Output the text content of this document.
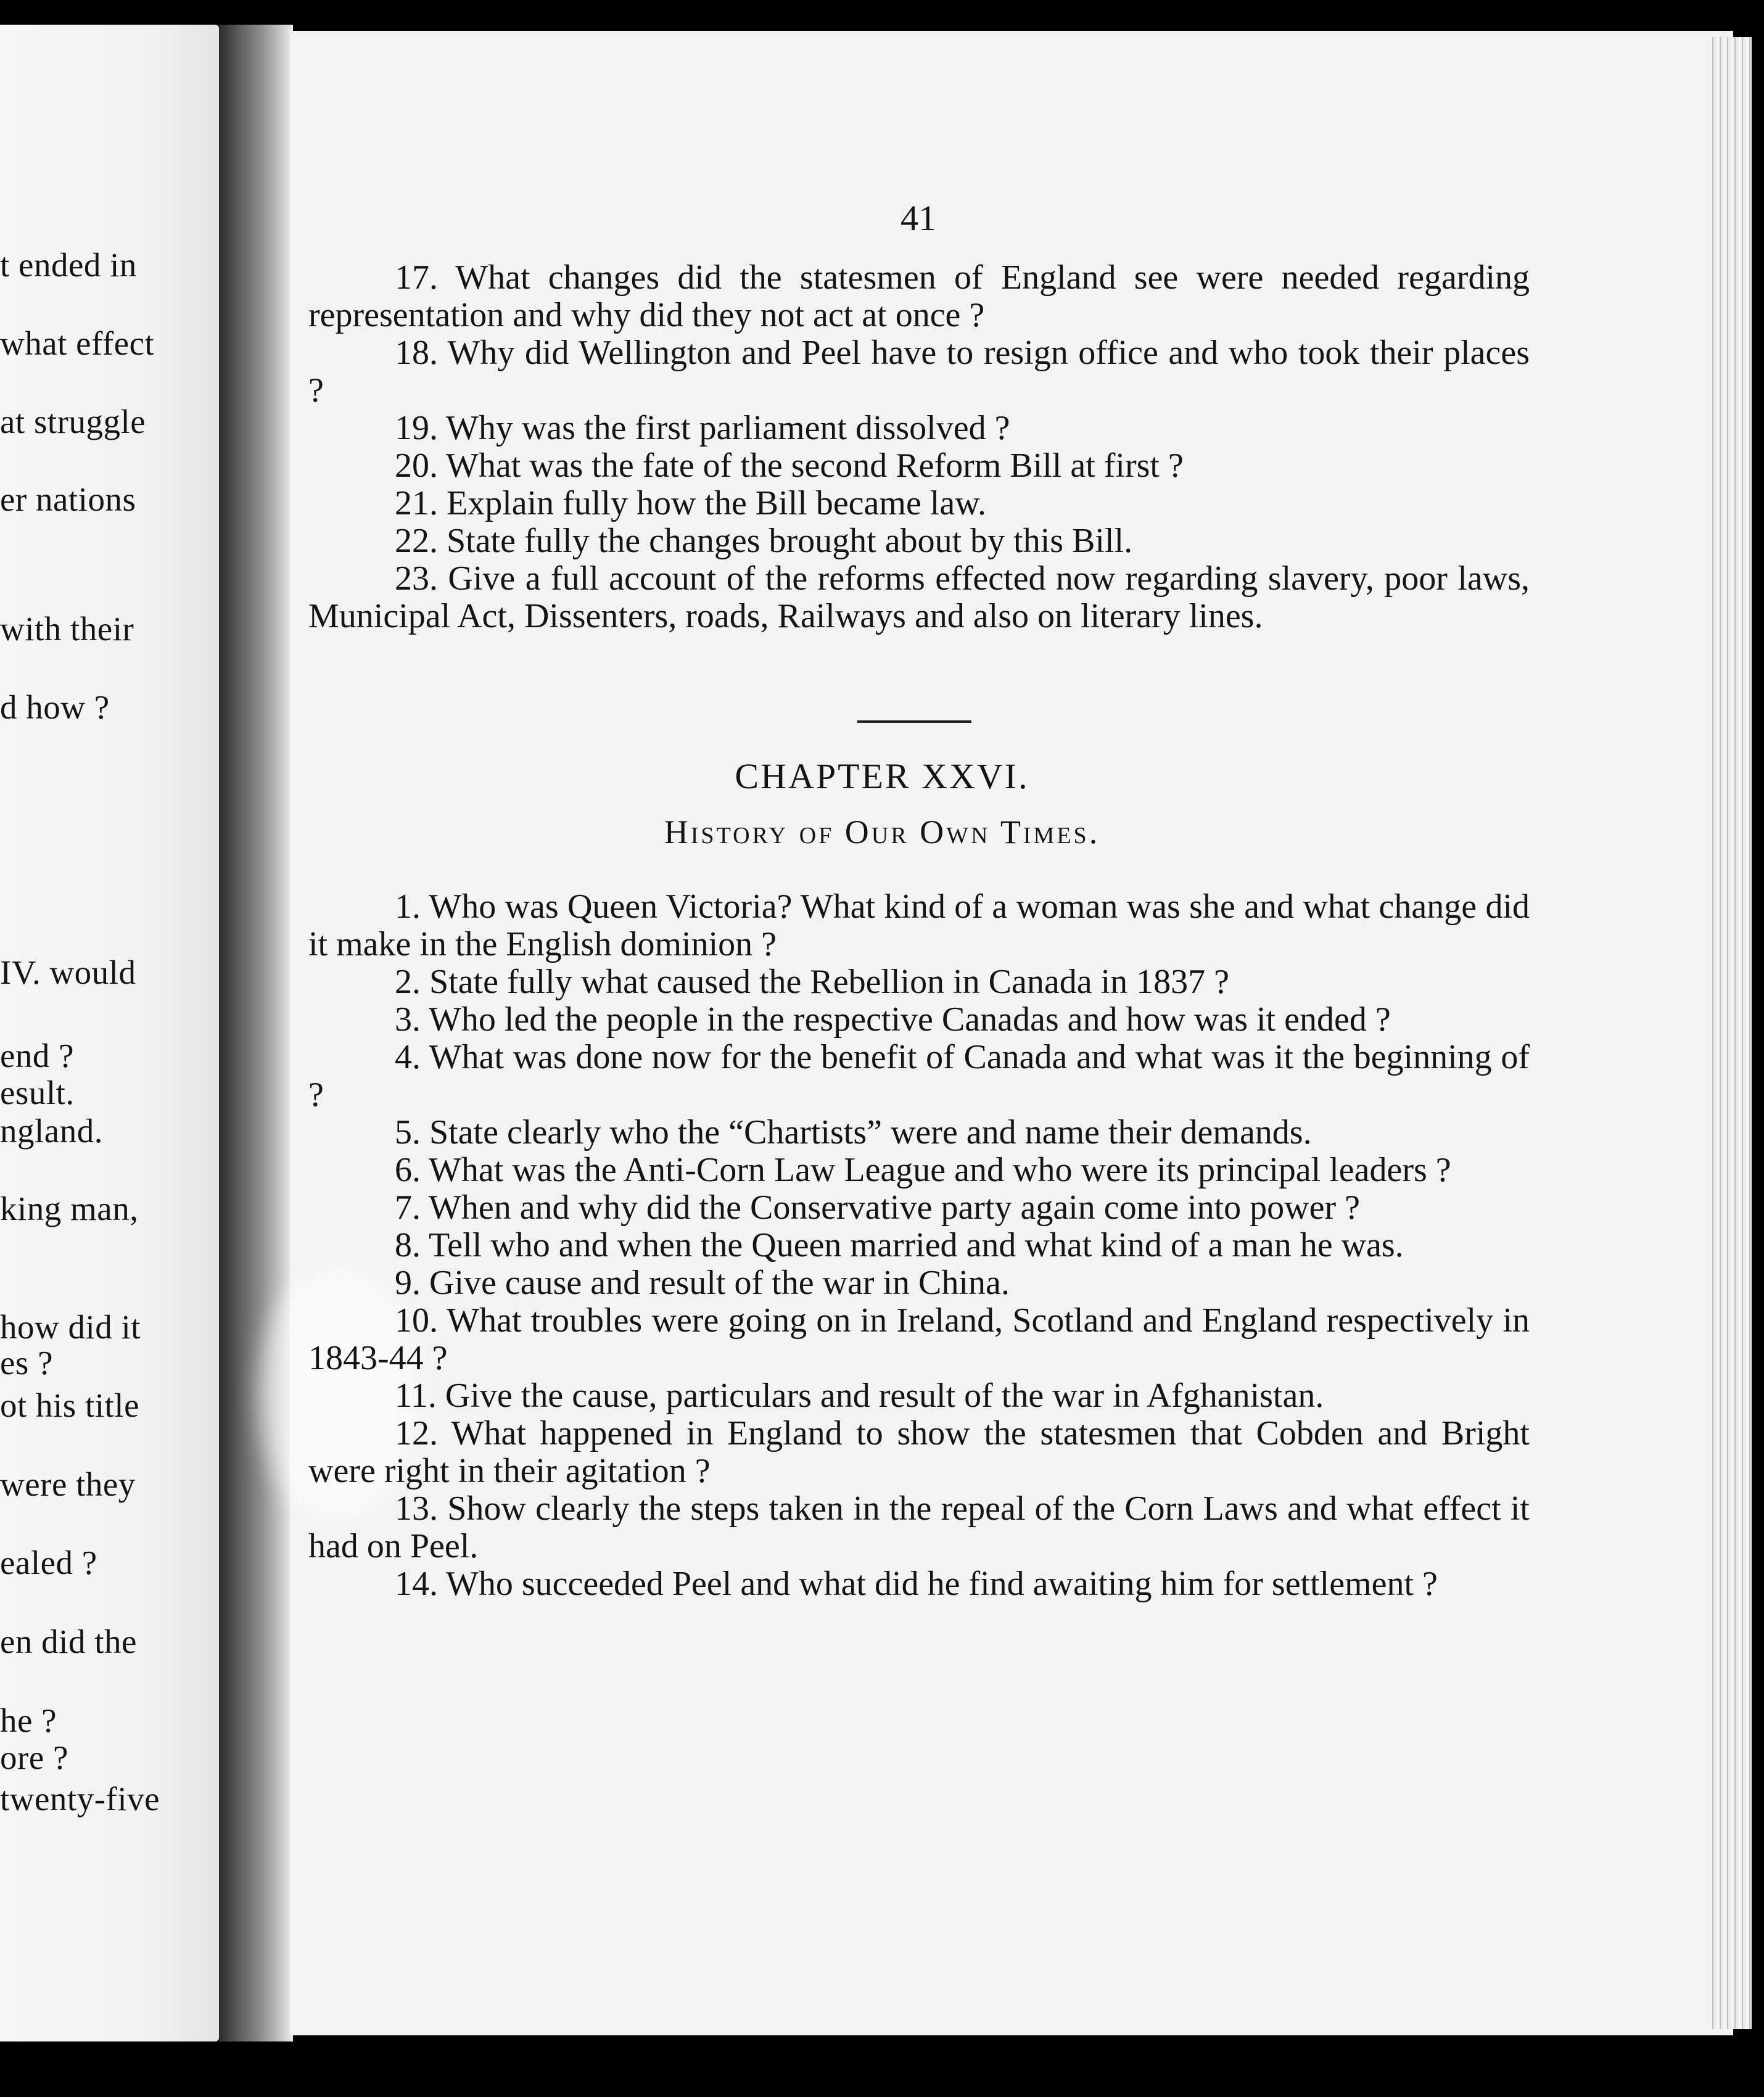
t ended in
what effect
at struggle
er nations
with their
d how ?
IV. would
end ?
esult.
ngland.
king man,
how did it
es ?
ot his title
were they
ealed ?
en did the
he ?
ore ?
twenty-five
41

17. What changes did the statesmen of England see were needed regarding representation and why did they not act at once ?

18. Why did Wellington and Peel have to resign office and who took their places ?

19. Why was the first parliament dissolved ?

20. What was the fate of the second Reform Bill at first ?

21. Explain fully how the Bill became law.

22. State fully the changes brought about by this Bill.

23. Give a full account of the reforms effected now regarding slavery, poor laws, Municipal Act, Dissenters, roads, Railways and also on literary lines.

CHAPTER XXVI.
History of Our Own Times.

1. Who was Queen Victoria? What kind of a woman was she and what change did it make in the English dominion ?

2. State fully what caused the Rebellion in Canada in 1837 ?

3. Who led the people in the respective Canadas and how was it ended ?

4. What was done now for the benefit of Canada and what was it the beginning of ?

5. State clearly who the “Chartists” were and name their demands.

6. What was the Anti-Corn Law League and who were its principal leaders ?

7. When and why did the Conservative party again come into power ?

8. Tell who and when the Queen married and what kind of a man he was.

9. Give cause and result of the war in China.

10. What troubles were going on in Ireland, Scotland and England respectively in 1843-44 ?

11. Give the cause, particulars and result of the war in Afghanistan.

12. What happened in England to show the statesmen that Cobden and Bright were right in their agitation ?

13. Show clearly the steps taken in the repeal of the Corn Laws and what effect it had on Peel.

14. Who succeeded Peel and what did he find awaiting him for settlement ?
